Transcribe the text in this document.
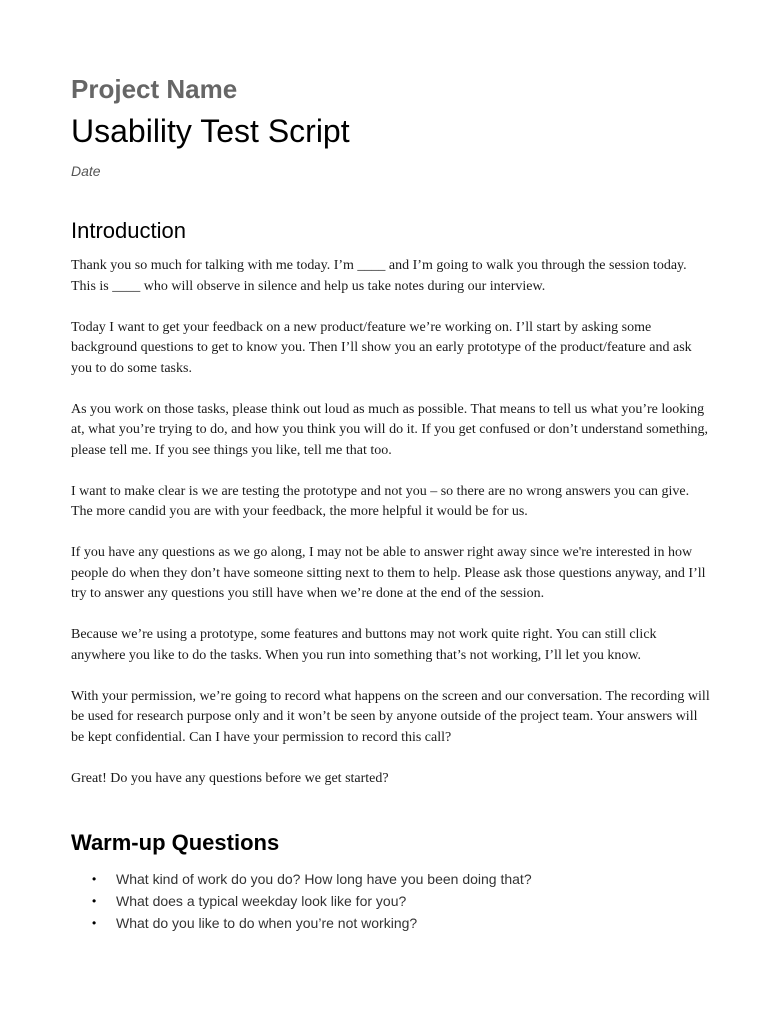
Project Name
Usability Test Script

Date

Introduction

Thank you so much for talking with me today. I’m ____ and I’m going to walk you through the session today. This is ____ who will observe in silence and help us take notes during our interview.

Today I want to get your feedback on a new product/feature we’re working on. I’ll start by asking some background questions to get to know you. Then I’ll show you an early prototype of the product/feature and ask you to do some tasks.

As you work on those tasks, please think out loud as much as possible. That means to tell us what you’re looking at, what you’re trying to do, and how you think you will do it. If you get confused or don’t understand something, please tell me. If you see things you like, tell me that too.

I want to make clear is we are testing the prototype and not you – so there are no wrong answers you can give. The more candid you are with your feedback, the more helpful it would be for us.

If you have any questions as we go along, I may not be able to answer right away since we're interested in how people do when they don’t have someone sitting next to them to help. Please ask those questions anyway, and I’ll try to answer any questions you still have when we’re done at the end of the session.

Because we’re using a prototype, some features and buttons may not work quite right. You can still click anywhere you like to do the tasks. When you run into something that’s not working, I’ll let you know.

With your permission, we’re going to record what happens on the screen and our conversation. The recording will be used for research purpose only and it won’t be seen by anyone outside of the project team. Your answers will be kept confidential. Can I have your permission to record this call?

Great! Do you have any questions before we get started?

Warm-up Questions
• What kind of work do you do? How long have you been doing that?
• What does a typical weekday look like for you?
• What do you like to do when you’re not working?
